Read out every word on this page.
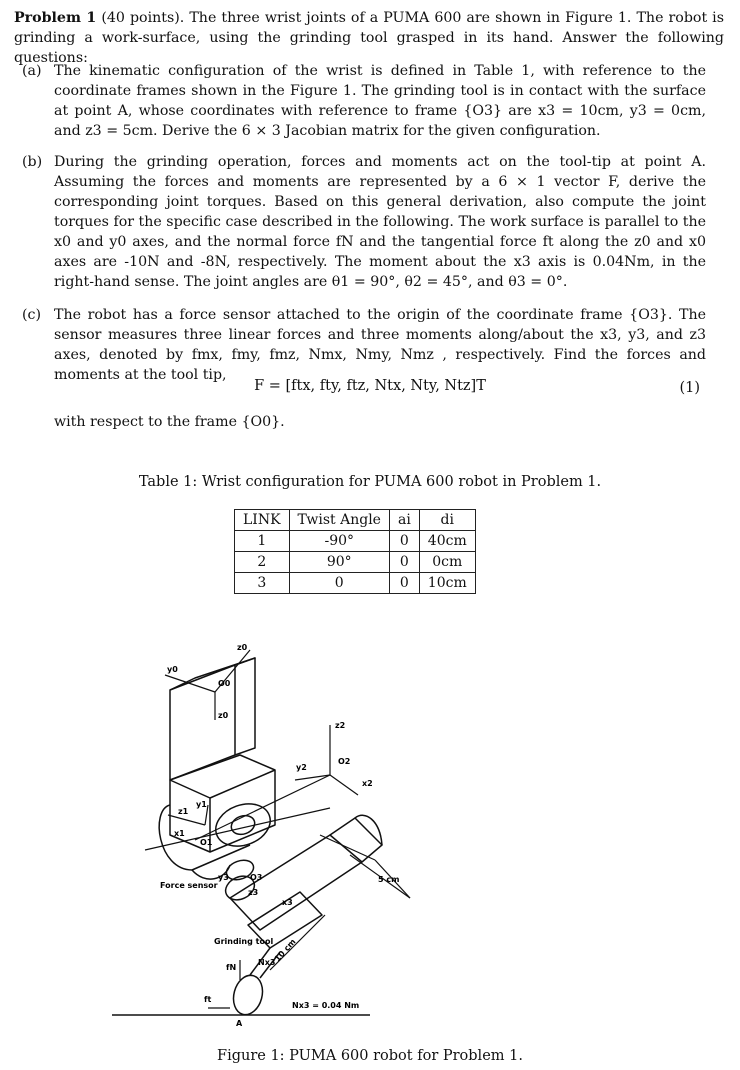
Problem 1 (40 points). The three wrist joints of a PUMA 600 are shown in Figure 1. The robot is grinding a work-surface, using the grinding tool grasped in its hand. Answer the following questions:

(a) The kinematic configuration of the wrist is defined in Table 1, with reference to the coordinate frames shown in the Figure 1. The grinding tool is in contact with the surface at point A, whose coordinates with reference to frame {O3} are x3 = 10cm, y3 = 0cm, and z3 = 5cm. Derive the 6 × 3 Jacobian matrix for the given configuration.
(b) During the grinding operation, forces and moments act on the tool-tip at point A. Assuming the forces and moments are represented by a 6 × 1 vector F, derive the corresponding joint torques. Based on this general derivation, also compute the joint torques for the specific case described in the following. The work surface is parallel to the x0 and y0 axes, and the normal force fN and the tangential force ft along the z0 and x0 axes are -10N and -8N, respectively. The moment about the x3 axis is 0.04Nm, in the right-hand sense. The joint angles are θ1 = 90°, θ2 = 45°, and θ3 = 0°.
(c) The robot has a force sensor attached to the origin of the coordinate frame {O3}. The sensor measures three linear forces and three moments along/about the x3, y3, and z3 axes, denoted by fmx, fmy, fmz, Nmx, Nmy, Nmz , respectively. Find the forces and moments at the tool tip,
F = [ftx, fty, ftz, Ntx, Nty, Ntz]T	(1)
with respect to the frame {O0}.
Table 1: Wrist configuration for PUMA 600 robot in Problem 1.
LINK	Twist Angle	ai	di
1	-90°	0	40cm
2	90°	0	0cm
3	0	0	10cm
z0
y0
O0
z0
z2
y2
O2
x2
z1
x1
y1
O1
Force sensor
y3	O3
x3
z3
5 cm
Grinding tool 10 cm
fN
Nx3
ft
A
Nx3 = 0.04 Nm
Figure 1: PUMA 600 robot for Problem 1.
